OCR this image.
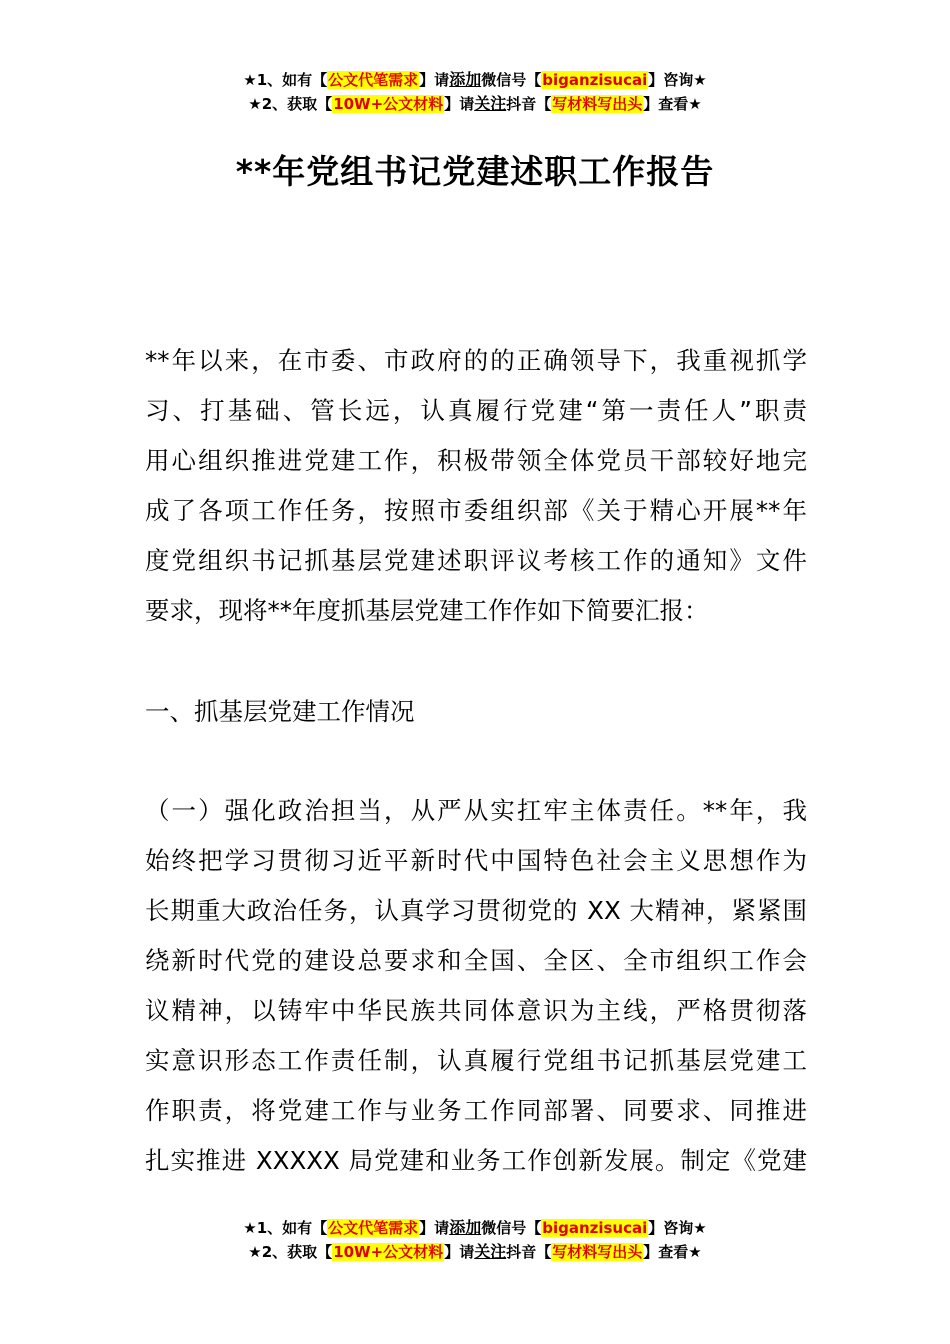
★1、如有【公文代笔需求】请添加微信号【biganzisucai】咨询★
★2、获取【10W+公文材料】请关注抖音【写材料写出头】查看★
**年党组书记党建述职工作报告
**年以来，在市委、市政府的的正确领导下，我重视抓学
习、打基础、管长远，认真履行党建“第一责任人”职责
用心组织推进党建工作，积极带领全体党员干部较好地完
成了各项工作任务，按照市委组织部《关于精心开展**年
度党组织书记抓基层党建述职评议考核工作的通知》文件
要求，现将**年度抓基层党建工作作如下简要汇报：
一、抓基层党建工作情况
（一）强化政治担当，从严从实扛牢主体责任。**年，我
始终把学习贯彻习近平新时代中国特色社会主义思想作为
长期重大政治任务，认真学习贯彻党的 XX 大精神，紧紧围
绕新时代党的建设总要求和全国、全区、全市组织工作会
议精神，以铸牢中华民族共同体意识为主线，严格贯彻落
实意识形态工作责任制，认真履行党组书记抓基层党建工
作职责，将党建工作与业务工作同部署、同要求、同推进
扎实推进 XXXXX 局党建和业务工作创新发展。制定《党建
★1、如有【公文代笔需求】请添加微信号【biganzisucai】咨询★
★2、获取【10W+公文材料】请关注抖音【写材料写出头】查看★
